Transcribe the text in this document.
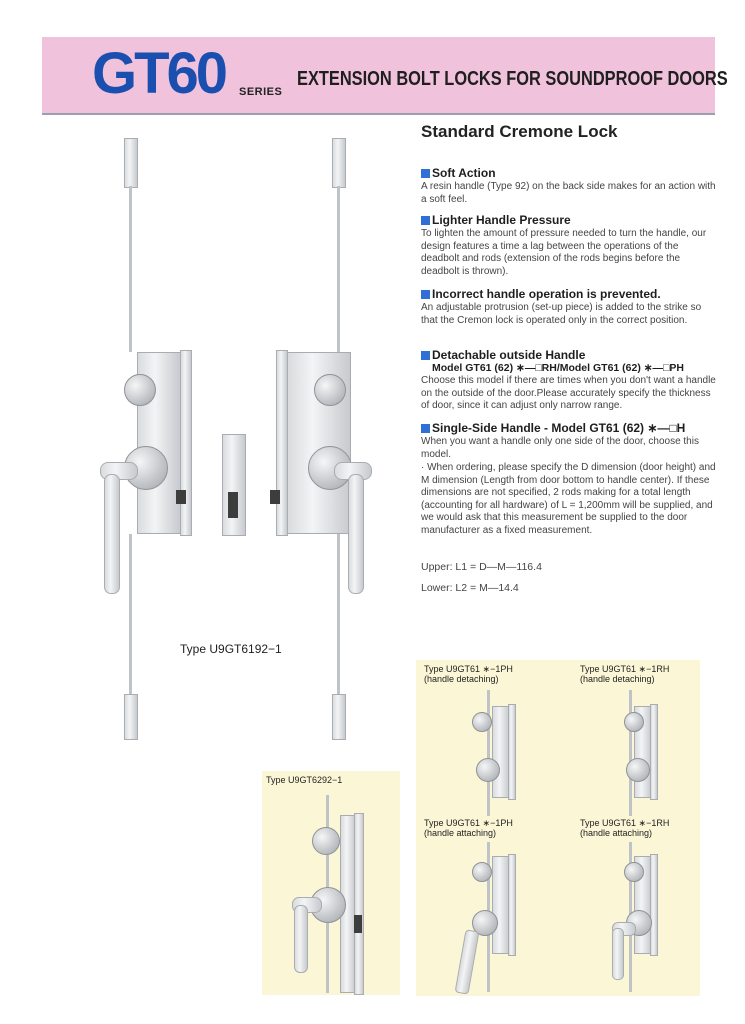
GT60 SERIES
EXTENSION BOLT LOCKS FOR SOUNDPROOF DOORS
Standard Cremone Lock
Soft Action
A resin handle (Type 92) on the back side makes for an action with a soft feel.
Lighter Handle Pressure
To lighten the amount of pressure needed to turn the handle, our design features a time a lag between the operations of the deadbolt and rods (extension of the rods begins before the deadbolt is thrown).
Incorrect handle operation is prevented.
An adjustable protrusion (set-up piece) is added to the strike so that the Cremon lock is operated only in the correct position.
Detachable outside Handle
Model GT61 (62) ∗—□RH/Model GT61 (62) ∗—□PH
Choose this model if there are times when you don't want a handle on the outside of the door.Please accurately specify the thickness of door, since it can adjust only narrow range.
Single-Side Handle - Model GT61 (62) ∗—□H
When you want a handle only one side of the door, choose this model.
· When ordering, please specify the D dimension (door height) and M dimension (Length from door bottom to handle center). If these dimensions are not specified, 2 rods making for a total length (accounting for all hardware) of L = 1,200mm will be supplied, and we would ask that this measurement be supplied to the door manufacturer as a fixed measurement.
Upper: L1 = D—M—116.4
Lower: L2 = M—14.4
Type U9GT6192−1
Type U9GT6292−1
Type U9GT61 ∗−1PH
(handle detaching)
Type U9GT61 ∗−1RH
(handle detaching)
Type U9GT61 ∗−1PH
(handle attaching)
Type U9GT61 ∗−1RH
(handle attaching)
